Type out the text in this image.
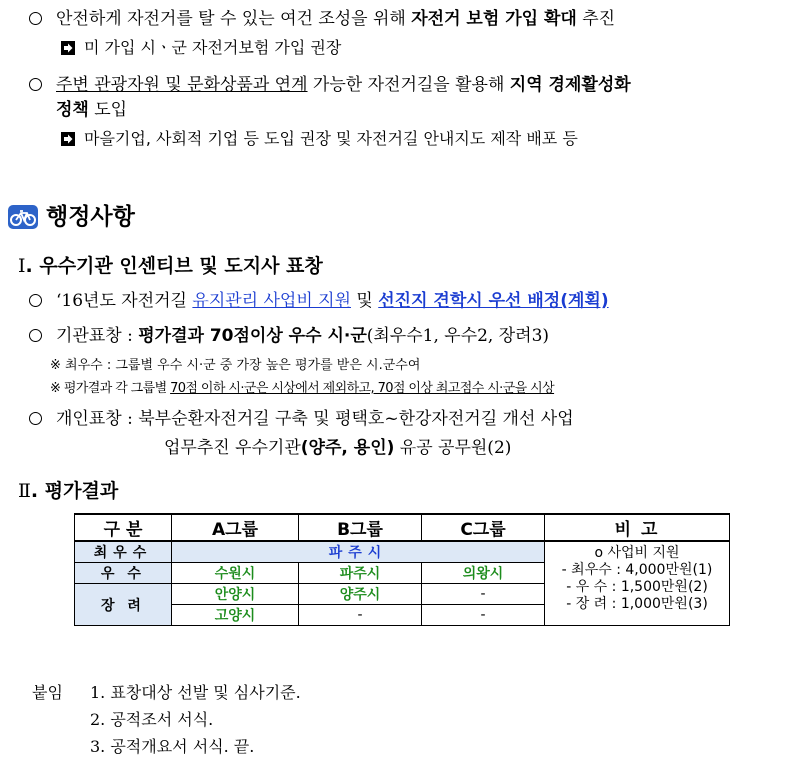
안전하게 자전거를 탈 수 있는 여건 조성을 위해 자전거 보험 가입 확대 추진
미 가입 시ㆍ군 자전거보험 가입 권장
주변 관광자원 및 문화상품과 연계 가능한 자전거길을 활용해 지역 경제활성화
정책 도입
마을기업, 사회적 기업 등 도입 권장 및 자전거길 안내지도 제작 배포 등
행정사항
Ⅰ. 우수기관 인센티브 및 도지사 표창
‘16년도 자전거길 유지관리 사업비 지원 및 선진지 견학시 우선 배정(계획)
기관표창 : 평가결과 70점이상 우수 시·군(최우수1, 우수2, 장려3)
※ 최우수 : 그룹별 우수 시·군 중 가장 높은 평가를 받은 시.군수여
※ 평가결과 각 그룹별 70점 이하 시·군은 시상에서 제외하고, 70점 이상 최고점수 시·군을 시상
개인표창 : 북부순환자전거길 구축 및 평택호~한강자전거길 개선 사업
업무추진 우수기관(양주, 용인) 유공 공무원(2)
Ⅱ. 평가결과
구 분	A그룹	B그룹	C그룹	비 고
최우수	파주시			o 사업비 지원
- 최우수 : 4,000만원(1)
- 우 수 : 1,500만원(2)
- 장 려 : 1,000만원(3)

우 수	수원시	파주시	의왕시	
장 려	안양시	양주시	-	
	고양시	-	-	
붙임 1. 표창대상 선발 및 심사기준.
2. 공적조서 서식.
3. 공적개요서 서식. 끝.
